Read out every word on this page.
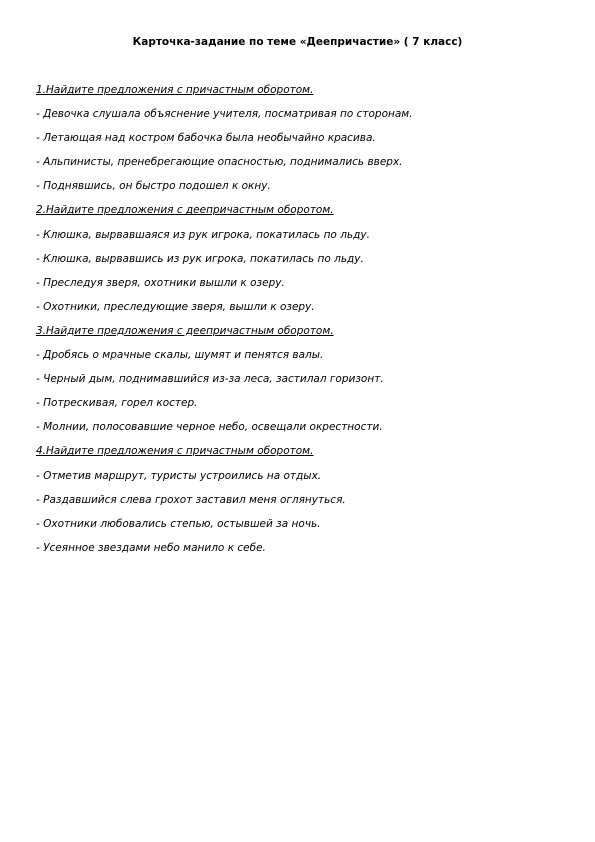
Карточка-задание по теме «Деепричастие» ( 7 класс)
1.Найдите предложения с причастным оборотом.
- Девочка слушала объяснение учителя, посматривая по сторонам.
- Летающая над костром бабочка была необычайно красива.
- Альпинисты, пренебрегающие опасностью, поднимались вверх.
- Поднявшись, он быстро подошел к окну.
2.Найдите предложения с деепричастным оборотом.
- Клюшка, вырвавшаяся из рук игрока, покатилась по льду.
- Клюшка, вырвавшись из рук игрока, покатилась по льду.
- Преследуя зверя, охотники вышли к озеру.
- Охотники, преследующие зверя, вышли к озеру.
3.Найдите предложения с деепричастным оборотом.
- Дробясь о мрачные скалы, шумят и пенятся валы.
- Черный дым, поднимавшийся из-за леса, застилал горизонт.
- Потрескивая, горел костер.
- Молнии, полосовавшие черное небо, освещали окрестности.
4.Найдите предложения с причастным оборотом.
- Отметив маршрут, туристы устроились на отдых.
- Раздавшийся слева грохот заставил меня оглянуться.
- Охотники любовались степью, остывшей за ночь.
- Усеянное звездами небо манило к себе.
